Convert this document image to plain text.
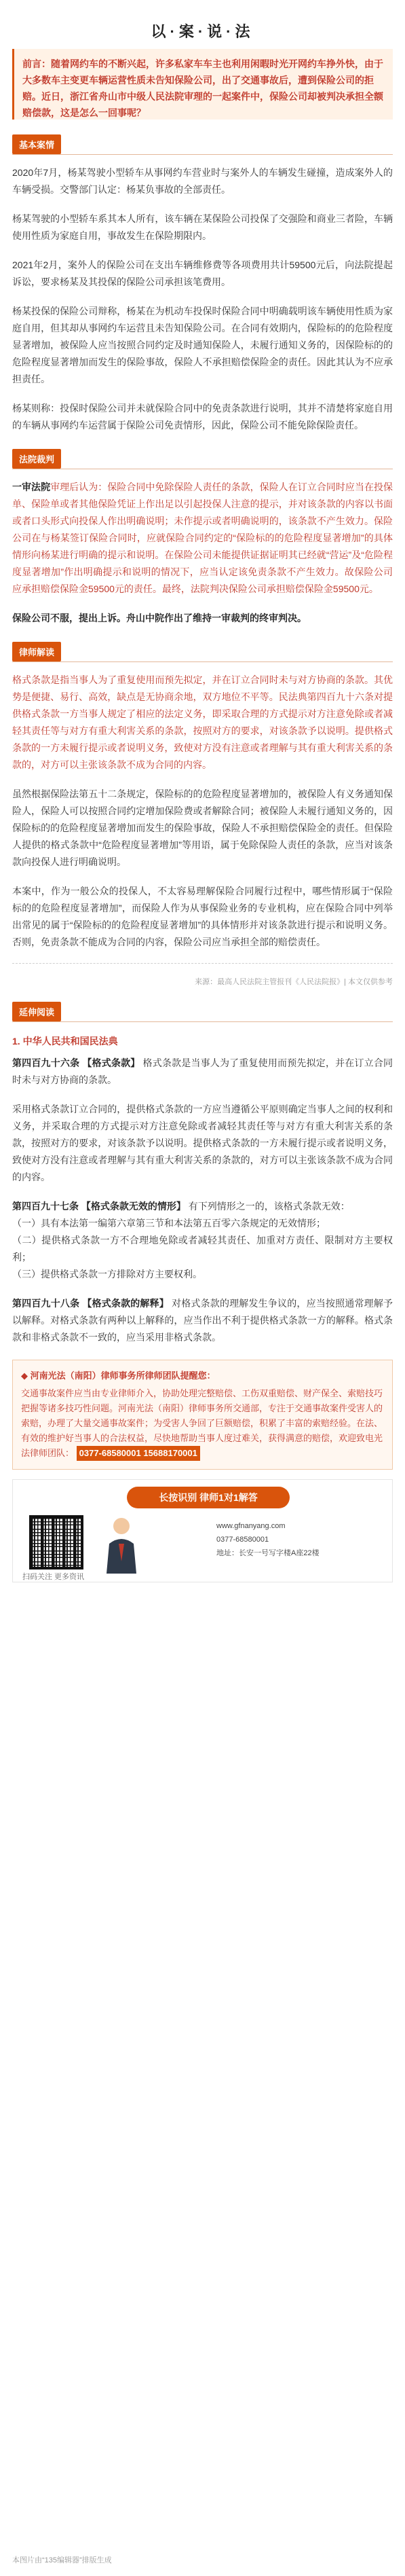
以·案·说·法
前言：随着网约车的不断兴起，许多私家车车主也利用闲暇时光开网约车挣外快，由于大多数车主变更车辆运营性质未告知保险公司，出了交通事故后，遭到保险公司的拒赔。近日，浙江省舟山市中级人民法院审理的一起案件中，保险公司却被判决承担全额赔偿款，这是怎么一回事呢？
基本案情
2020年7月，杨某驾驶小型轿车从事网约车营业时与案外人的车辆发生碰撞，造成案外人的车辆受损。交警部门认定：杨某负事故的全部责任。
杨某驾驶的小型轿车系其本人所有，该车辆在某保险公司投保了交强险和商业三者险，车辆使用性质为家庭自用，事故发生在保险期限内。
2021年2月，案外人的保险公司在支出车辆维修费等各项费用共计59500元后，向法院提起诉讼，要求杨某及其投保的保险公司承担该笔费用。
杨某投保的保险公司辩称，杨某在为机动车投保时保险合同中明确载明该车辆使用性质为家庭自用，但其却从事网约车运营且未告知保险公司。在合同有效期内，保险标的的危险程度显著增加，被保险人应当按照合同约定及时通知保险人，未履行通知义务的，因保险标的的危险程度显著增加而发生的保险事故，保险人不承担赔偿保险金的责任。因此其认为不应承担责任。
杨某则称：投保时保险公司并未就保险合同中的免责条款进行说明，其并不清楚将家庭自用的车辆从事网约车运营属于保险公司免责情形，因此，保险公司不能免除保险责任。
法院裁判
一审法院审理后认为：保险合同中免除保险人责任的条款，保险人在订立合同时应当在投保单、保险单或者其他保险凭证上作出足以引起投保人注意的提示，并对该条款的内容以书面或者口头形式向投保人作出明确说明；未作提示或者明确说明的，该条款不产生效力。保险公司在与杨某签订保险合同时，应就保险合同约定的“保险标的的危险程度显著增加”的具体情形向杨某进行明确的提示和说明。在保险公司未能提供证据证明其已经就“营运”及“危险程度显著增加”作出明确提示和说明的情况下，应当认定该免责条款不产生效力。故保险公司应承担赔偿保险金59500元的责任。最终，法院判决保险公司承担赔偿保险金59500元。
保险公司不服，提出上诉。舟山中院作出了维持一审裁判的终审判决。
律师解读
格式条款是指当事人为了重复使用而预先拟定，并在订立合同时未与对方协商的条款。其优势是便捷、易行、高效，缺点是无协商余地，双方地位不平等。民法典第四百九十六条对提供格式条款一方当事人规定了相应的法定义务，即采取合理的方式提示对方注意免除或者减轻其责任等与对方有重大利害关系的条款，按照对方的要求，对该条款予以说明。提供格式条款的一方未履行提示或者说明义务，致使对方没有注意或者理解与其有重大利害关系的条款的，对方可以主张该条款不成为合同的内容。
虽然根据保险法第五十二条规定，保险标的的危险程度显著增加的，被保险人有义务通知保险人，保险人可以按照合同约定增加保险费或者解除合同；被保险人未履行通知义务的，因保险标的的危险程度显著增加而发生的保险事故，保险人不承担赔偿保险金的责任。但保险人提供的格式条款中“危险程度显著增加”等用语，属于免除保险人责任的条款，应当对该条款向投保人进行明确说明。
本案中，作为一般公众的投保人，不太容易理解保险合同履行过程中，哪些情形属于“保险标的的危险程度显著增加”，而保险人作为从事保险业务的专业机构，应在保险合同中列举出常见的属于“保险标的的危险程度显著增加”的具体情形并对该条款进行提示和说明义务。否则，免责条款不能成为合同的内容，保险公司应当承担全部的赔偿责任。
来源：最高人民法院主管报刊《人民法院报》| 本文仅供参考
延伸阅读
1. 中华人民共和国民法典
第四百九十六条 【格式条款】 格式条款是当事人为了重复使用而预先拟定，并在订立合同时未与对方协商的条款。
采用格式条款订立合同的，提供格式条款的一方应当遵循公平原则确定当事人之间的权利和义务，并采取合理的方式提示对方注意免除或者减轻其责任等与对方有重大利害关系的条款，按照对方的要求，对该条款予以说明。提供格式条款的一方未履行提示或者说明义务，致使对方没有注意或者理解与其有重大利害关系的条款的，对方可以主张该条款不成为合同的内容。
第四百九十七条 【格式条款无效的情形】 有下列情形之一的，该格式条款无效：
（一）具有本法第一编第六章第三节和本法第五百零六条规定的无效情形；
（二）提供格式条款一方不合理地免除或者减轻其责任、加重对方责任、限制对方主要权利；
（三）提供格式条款一方排除对方主要权利。
第四百九十八条 【格式条款的解释】 对格式条款的理解发生争议的，应当按照通常理解予以解释。对格式条款有两种以上解释的，应当作出不利于提供格式条款一方的解释。格式条款和非格式条款不一致的，应当采用非格式条款。
◆ 河南光法（南阳）律师事务所律师团队提醒您：
交通事故案件应当由专业律师介入，协助处理完整赔偿、工伤双重赔偿、财产保全、索赔技巧把握等诸多技巧性问题。河南光法（南阳）律师事务所交通部，专注于交通事故案件受害人的索赔，办理了大量交通事故案件；为受害人争回了巨额赔偿，积累了丰富的索赔经验。在法、有效的维护好当事人的合法权益，尽快地帮助当事人度过难关，获得满意的赔偿，欢迎致电光法律师团队： 0377-68580001 15688170001
长按识别 律师1对1解答
扫码关注 更多资讯
www.gfnanyang.com
0377-68580001
地址：长安一号写字楼A座22楼
本图片由“135编辑器”排版生成
